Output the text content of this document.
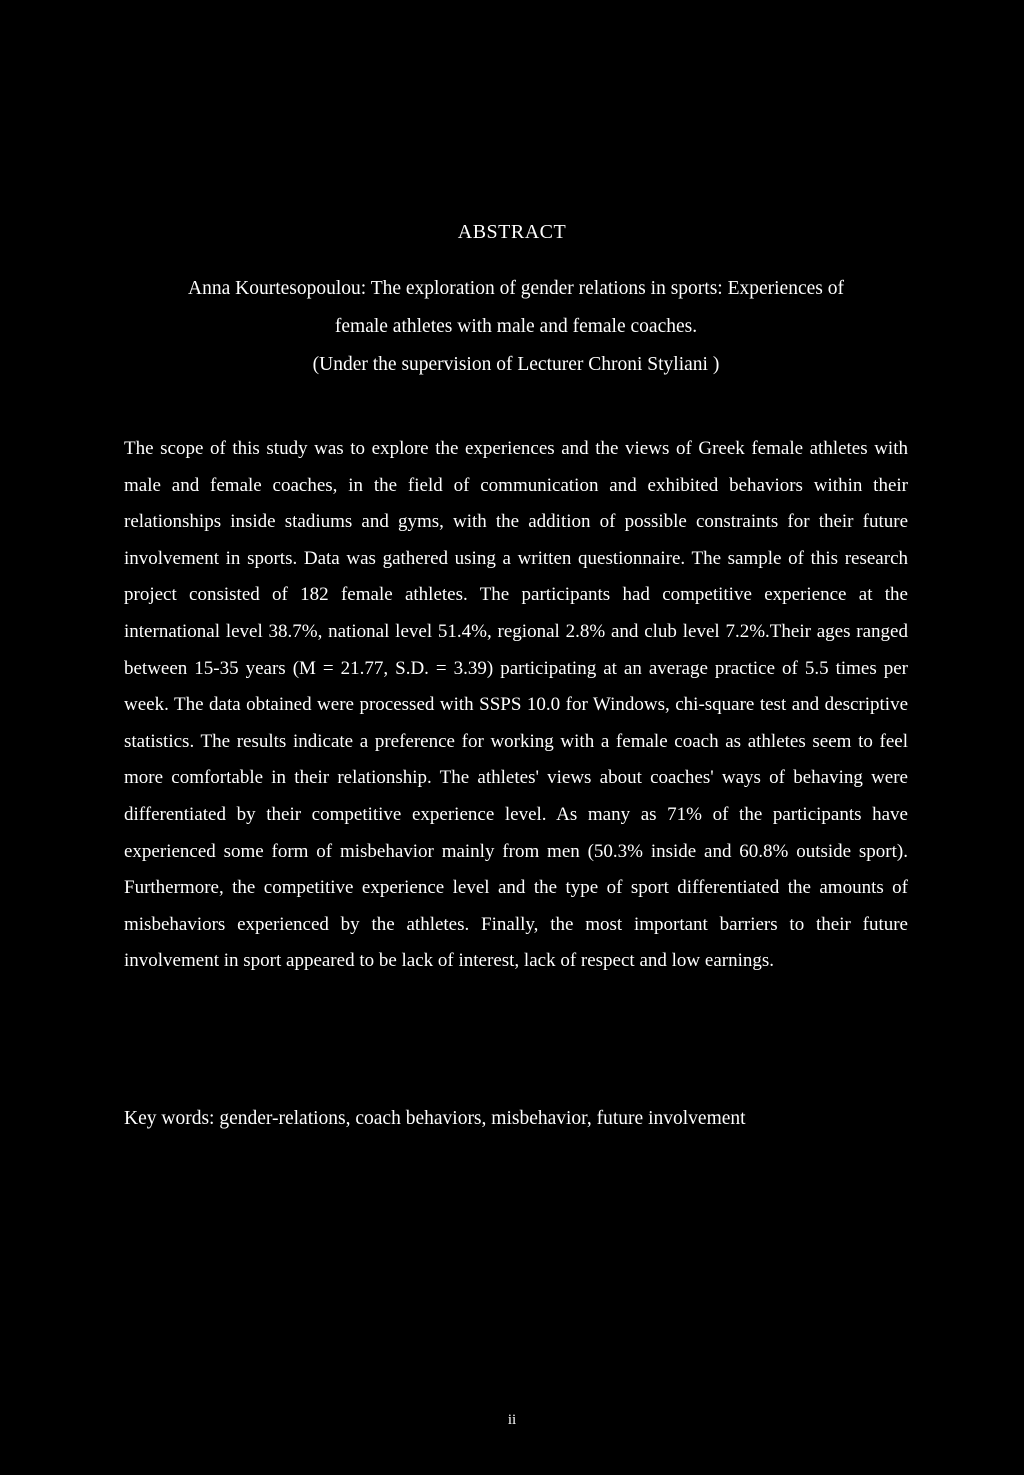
ABSTRACT
Anna Kourtesopoulou: The exploration of gender relations in sports: Experiences of
female athletes with male and female coaches.
(Under the supervision of Lecturer Chroni Styliani )

The scope of this study was to explore the experiences and the views of Greek female athletes with male and female coaches, in the field of communication and exhibited behaviors within their relationships inside stadiums and gyms, with the addition of possible constraints for their future involvement in sports. Data was gathered using a written questionnaire. The sample of this research project consisted of 182 female athletes. The participants had competitive experience at the international level 38.7%, national level 51.4%, regional 2.8% and club level 7.2%.Their ages ranged between 15-35 years (M = 21.77, S.D. = 3.39) participating at an average practice of 5.5 times per week. The data obtained were processed with SSPS 10.0 for Windows, chi-square test and descriptive statistics. The results indicate a preference for working with a female coach as athletes seem to feel more comfortable in their relationship. The athletes' views about coaches' ways of behaving were differentiated by their competitive experience level. As many as 71% of the participants have experienced some form of misbehavior mainly from men (50.3% inside and 60.8% outside sport). Furthermore, the competitive experience level and the type of sport differentiated the amounts of misbehaviors experienced by the athletes. Finally, the most important barriers to their future involvement in sport appeared to be lack of interest, lack of respect and low earnings.

Key words: gender-relations, coach behaviors, misbehavior, future involvement
ii
